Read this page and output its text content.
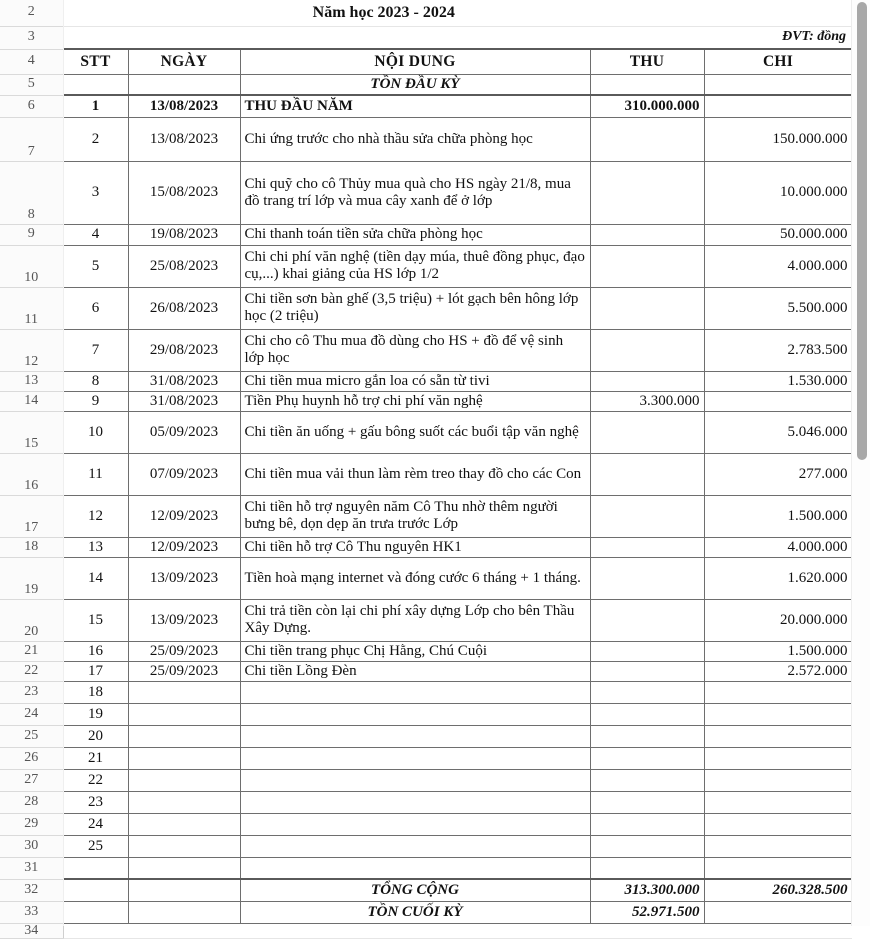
2	Năm học 2023 - 2024				

3					ĐVT: đồng

4	STT	NGÀY	NỘI DUNG	THU	CHI
5			TỒN ĐẦU KỲ		
6	1	13/08/2023	THU ĐẦU NĂM	310.000.000	
7	2	13/08/2023	Chi ứng trước cho nhà thầu sửa chữa phòng học		150.000.000
8	3	15/08/2023	Chi quỹ cho cô Thủy mua quà cho HS ngày 21/8, mua đồ trang trí lớp và mua cây xanh để ở lớp		10.000.000
9	4	19/08/2023	Chi thanh toán tiền sửa chữa phòng học		50.000.000
10	5	25/08/2023	Chi chi phí văn nghệ (tiền dạy múa, thuê đồng phục, đạo cụ,...) khai giảng của HS lớp 1/2		4.000.000
11	6	26/08/2023	Chi tiền sơn bàn ghế (3,5 triệu) + lót gạch bên hông lớp học (2 triệu)		5.500.000
12	7	29/08/2023	Chi cho cô Thu mua đồ dùng cho HS + đồ để vệ sinh lớp học		2.783.500
13	8	31/08/2023	Chi tiền mua micro gắn loa có sẵn từ tivi		1.530.000
14	9	31/08/2023	Tiền Phụ huynh hỗ trợ chi phí văn nghệ	3.300.000	
15	10	05/09/2023	Chi tiền ăn uống + gấu bông suốt các buổi tập văn nghệ		5.046.000
16	11	07/09/2023	Chi tiền mua vải thun làm rèm treo thay đồ cho các Con		277.000
17	12	12/09/2023	Chi tiền hỗ trợ nguyên năm Cô Thu nhờ thêm người bưng bê, dọn dẹp ăn trưa trước Lớp		1.500.000
18	13	12/09/2023	Chi tiền hỗ trợ Cô Thu nguyên HK1		4.000.000
19	14	13/09/2023	Tiền hoà mạng internet và đóng cước 6 tháng + 1 tháng.		1.620.000
20	15	13/09/2023	Chi trả tiền còn lại chi phí xây dựng Lớp cho bên Thầu Xây Dựng.		20.000.000
21	16	25/09/2023	Chi tiền trang phục Chị Hằng, Chú Cuội		1.500.000
22	17	25/09/2023	Chi tiền Lồng Đèn		2.572.000
23	18				
24	19				
25	20				
26	21				
27	22				
28	23				
29	24				
30	25				
31					
32			TỔNG CỘNG	313.300.000	260.328.500
33			TỒN CUỐI KỲ	52.971.500	
34					
